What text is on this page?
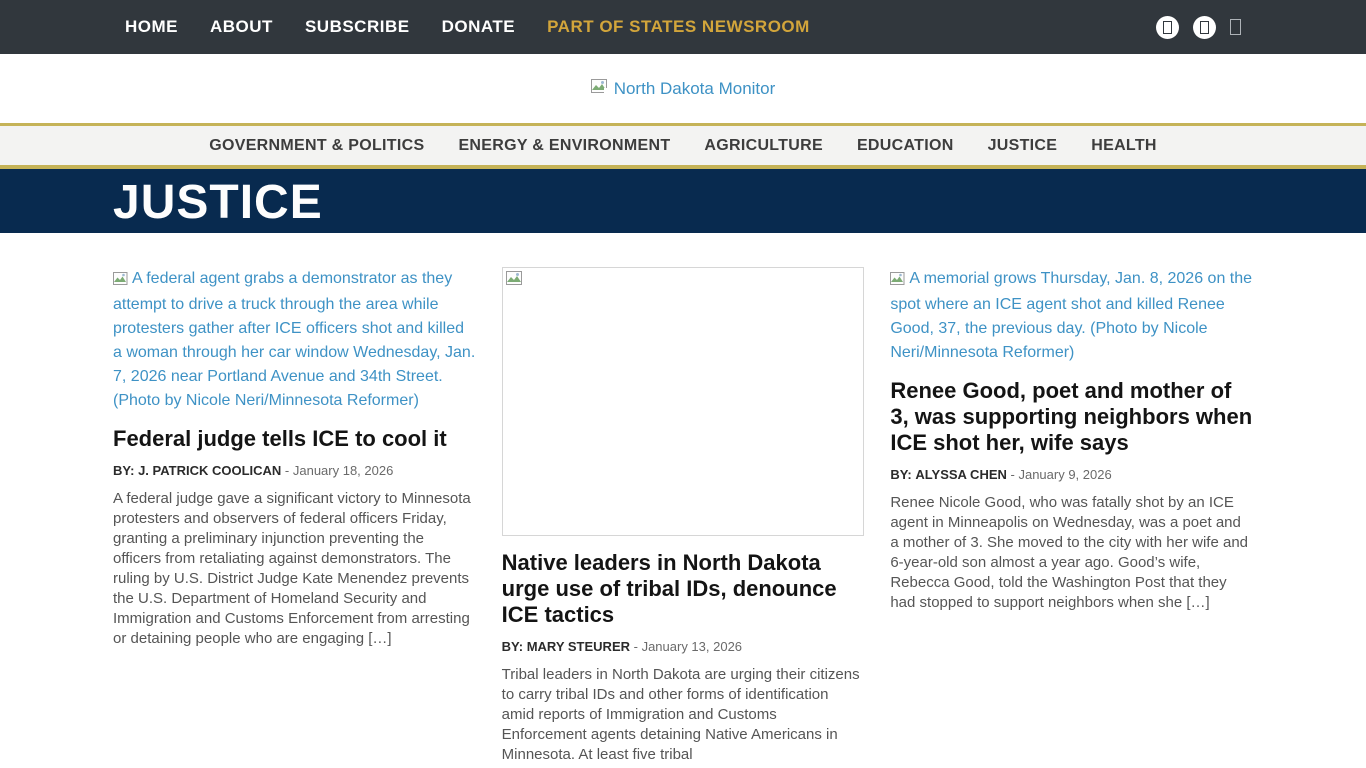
HOME ABOUT SUBSCRIBE DONATE PART OF STATES NEWSROOM
North Dakota Monitor
GOVERNMENT & POLITICS ENERGY & ENVIRONMENT AGRICULTURE EDUCATION JUSTICE HEALTH
JUSTICE
A federal agent grabs a demonstrator as they attempt to drive a truck through the area while protesters gather after ICE officers shot and killed a woman through her car window Wednesday, Jan. 7, 2026 near Portland Avenue and 34th Street. (Photo by Nicole Neri/Minnesota Reformer)
Federal judge tells ICE to cool it
BY: J. PATRICK COOLICAN - January 18, 2026
A federal judge gave a significant victory to Minnesota protesters and observers of federal officers Friday, granting a preliminary injunction preventing the officers from retaliating against demonstrators. The ruling by U.S. District Judge Kate Menendez prevents the U.S. Department of Homeland Security and Immigration and Customs Enforcement from arresting or detaining people who are engaging […]
Native leaders in North Dakota urge use of tribal IDs, denounce ICE tactics
BY: MARY STEURER - January 13, 2026
Tribal leaders in North Dakota are urging their citizens to carry tribal IDs and other forms of identification amid reports of Immigration and Customs Enforcement agents detaining Native Americans in Minnesota. At least five tribal
A memorial grows Thursday, Jan. 8, 2026 on the spot where an ICE agent shot and killed Renee Good, 37, the previous day. (Photo by Nicole Neri/Minnesota Reformer)
Renee Good, poet and mother of 3, was supporting neighbors when ICE shot her, wife says
BY: ALYSSA CHEN - January 9, 2026
Renee Nicole Good, who was fatally shot by an ICE agent in Minneapolis on Wednesday, was a poet and a mother of 3. She moved to the city with her wife and 6-year-old son almost a year ago. Good’s wife, Rebecca Good, told the Washington Post that they had stopped to support neighbors when she […]
